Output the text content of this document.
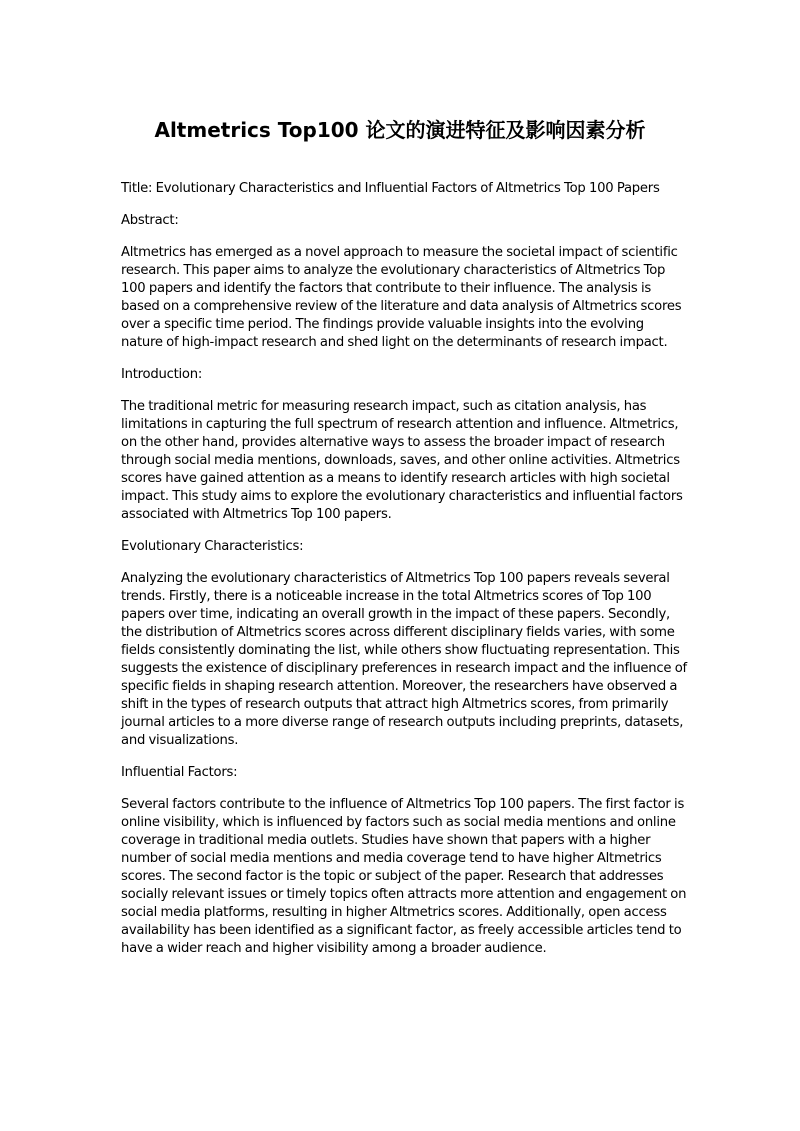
Altmetrics Top100 论文的演进特征及影响因素分析

Title: Evolutionary Characteristics and Influential Factors of Altmetrics Top 100 Papers

Abstract:

Altmetrics has emerged as a novel approach to measure the societal impact of scientific research. This paper aims to analyze the evolutionary characteristics of Altmetrics Top 100 papers and identify the factors that contribute to their influence. The analysis is based on a comprehensive review of the literature and data analysis of Altmetrics scores over a specific time period. The findings provide valuable insights into the evolving nature of high-impact research and shed light on the determinants of research impact.

Introduction:

The traditional metric for measuring research impact, such as citation analysis, has limitations in capturing the full spectrum of research attention and influence. Altmetrics, on the other hand, provides alternative ways to assess the broader impact of research through social media mentions, downloads, saves, and other online activities. Altmetrics scores have gained attention as a means to identify research articles with high societal impact. This study aims to explore the evolutionary characteristics and influential factors associated with Altmetrics Top 100 papers.

Evolutionary Characteristics:

Analyzing the evolutionary characteristics of Altmetrics Top 100 papers reveals several trends. Firstly, there is a noticeable increase in the total Altmetrics scores of Top 100 papers over time, indicating an overall growth in the impact of these papers. Secondly, the distribution of Altmetrics scores across different disciplinary fields varies, with some fields consistently dominating the list, while others show fluctuating representation. This suggests the existence of disciplinary preferences in research impact and the influence of specific fields in shaping research attention. Moreover, the researchers have observed a shift in the types of research outputs that attract high Altmetrics scores, from primarily journal articles to a more diverse range of research outputs including preprints, datasets, and visualizations.

Influential Factors:

Several factors contribute to the influence of Altmetrics Top 100 papers. The first factor is online visibility, which is influenced by factors such as social media mentions and online coverage in traditional media outlets. Studies have shown that papers with a higher number of social media mentions and media coverage tend to have higher Altmetrics scores. The second factor is the topic or subject of the paper. Research that addresses socially relevant issues or timely topics often attracts more attention and engagement on social media platforms, resulting in higher Altmetrics scores. Additionally, open access availability has been identified as a significant factor, as freely accessible articles tend to have a wider reach and higher visibility among a broader audience.
